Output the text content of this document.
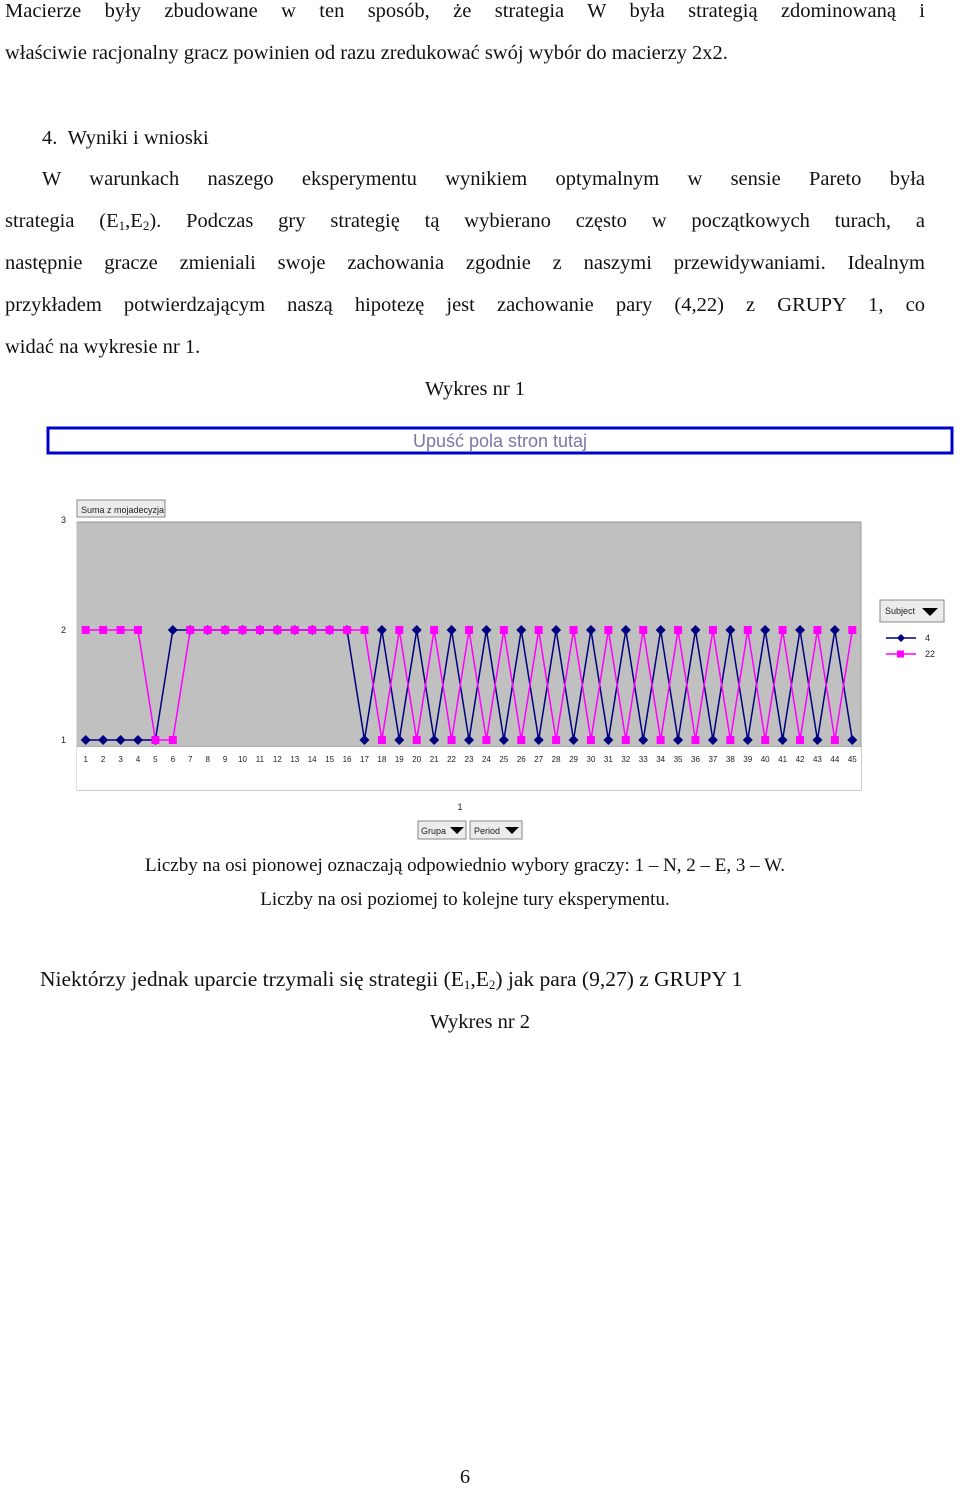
Macierze były zbudowane w ten sposób, że strategia W była strategią zdominowaną i

właściwie racjonalny gracz powinien od razu zredukować swój wybór do macierzy 2x2.

4. Wyniki i wnioski

W warunkach naszego eksperymentu wynikiem optymalnym w sensie Pareto była

strategia $(E_1,E_2)$. Podczas gry strategię tą wybierano często w początkowych turach, a

następnie gracze zmieniali swoje zachowania zgodnie z naszymi przewidywaniami. Idealnym

przykładem potwierdzającym naszą hipotezę jest zachowanie pary (4,22) z GRUPY 1, co

widać na wykresie nr 1.

Wykres nr 1

Upuść pola stron tutaj
Suma z mojadecyzja
1
2
3
1 2 3 4 5 6 7 8 9 10 11 12 13 14 15 16 17 18 19 20 21 22 23 24 25 26 27 28 29 30 31 32 33 34 35 36 37 38 39 40 41 42 43 44 45
Subject
4
22
1
Grupa	Period
Liczby na osi pionowej oznaczają odpowiednio wybory graczy: 1 – N, 2 – E, 3 – W.
Liczby na osi poziomej to kolejne tury eksperymentu.

Niektórzy jednak uparcie trzymali się strategii $(E_1,E_2)$ jak para (9,27) z GRUPY 1

Wykres nr 2

6
